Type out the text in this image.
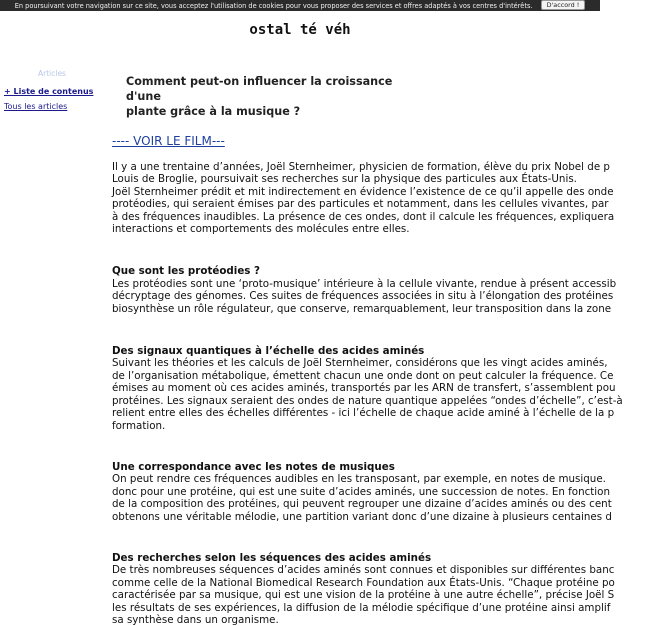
En poursuivant votre navigation sur ce site, vous acceptez l'utilisation de cookies pour vous proposer des services et offres adaptés à vos centres d'intérêts. D'accord !
ostal té véh
Articles
+ Liste de contenus
Tous les articles
Comment peut-on influencer la croissance d'une
plante grâce à la musique ?
---- VOIR LE FILM---

Il y a une trentaine d’années, Joël Sternheimer, physicien de formation, élève du prix Nobel de p

Louis de Broglie, poursuivait ses recherches sur la physique des particules aux États-Unis.

Joël Sternheimer prédit et mit indirectement en évidence l’existence de ce qu’il appelle des onde

protéodies, qui seraient émises par des particules et notamment, dans les cellules vivantes, par

à des fréquences inaudibles. La présence de ces ondes, dont il calcule les fréquences, expliquera

interactions et comportements des molécules entre elles.

Que sont les protéodies ?

Les protéodies sont une ‘proto-musique’ intérieure à la cellule vivante, rendue à présent accessib

décryptage des génomes. Ces suites de fréquences associées in situ à l’élongation des protéines

biosynthèse un rôle régulateur, que conserve, remarquablement, leur transposition dans la zone

Des signaux quantiques à l’échelle des acides aminés

Suivant les théories et les calculs de Joël Sternheimer, considérons que les vingt acides aminés,

de l’organisation métabolique, émettent chacun une onde dont on peut calculer la fréquence. Ce

émises au moment où ces acides aminés, transportés par les ARN de transfert, s’assemblent pou

protéines. Les signaux seraient des ondes de nature quantique appelées “ondes d’échelle”, c’est-à

relient entre elles des échelles différentes - ici l’échelle de chaque acide aminé à l’échelle de la p

formation.

Une correspondance avec les notes de musiques

On peut rendre ces fréquences audibles en les transposant, par exemple, en notes de musique.

donc pour une protéine, qui est une suite d’acides aminés, une succession de notes. En fonction

de la composition des protéines, qui peuvent regrouper une dizaine d’acides aminés ou des cent

obtenons une véritable mélodie, une partition variant donc d’une dizaine à plusieurs centaines d

Des recherches selon les séquences des acides aminés

De très nombreuses séquences d’acides aminés sont connues et disponibles sur différentes banc

comme celle de la National Biomedical Research Foundation aux États-Unis. “Chaque protéine po

caractérisée par sa musique, qui est une vision de la protéine à une autre échelle”, précise Joël S

les résultats de ses expériences, la diffusion de la mélodie spécifique d’une protéine ainsi amplif

sa synthèse dans un organisme.
